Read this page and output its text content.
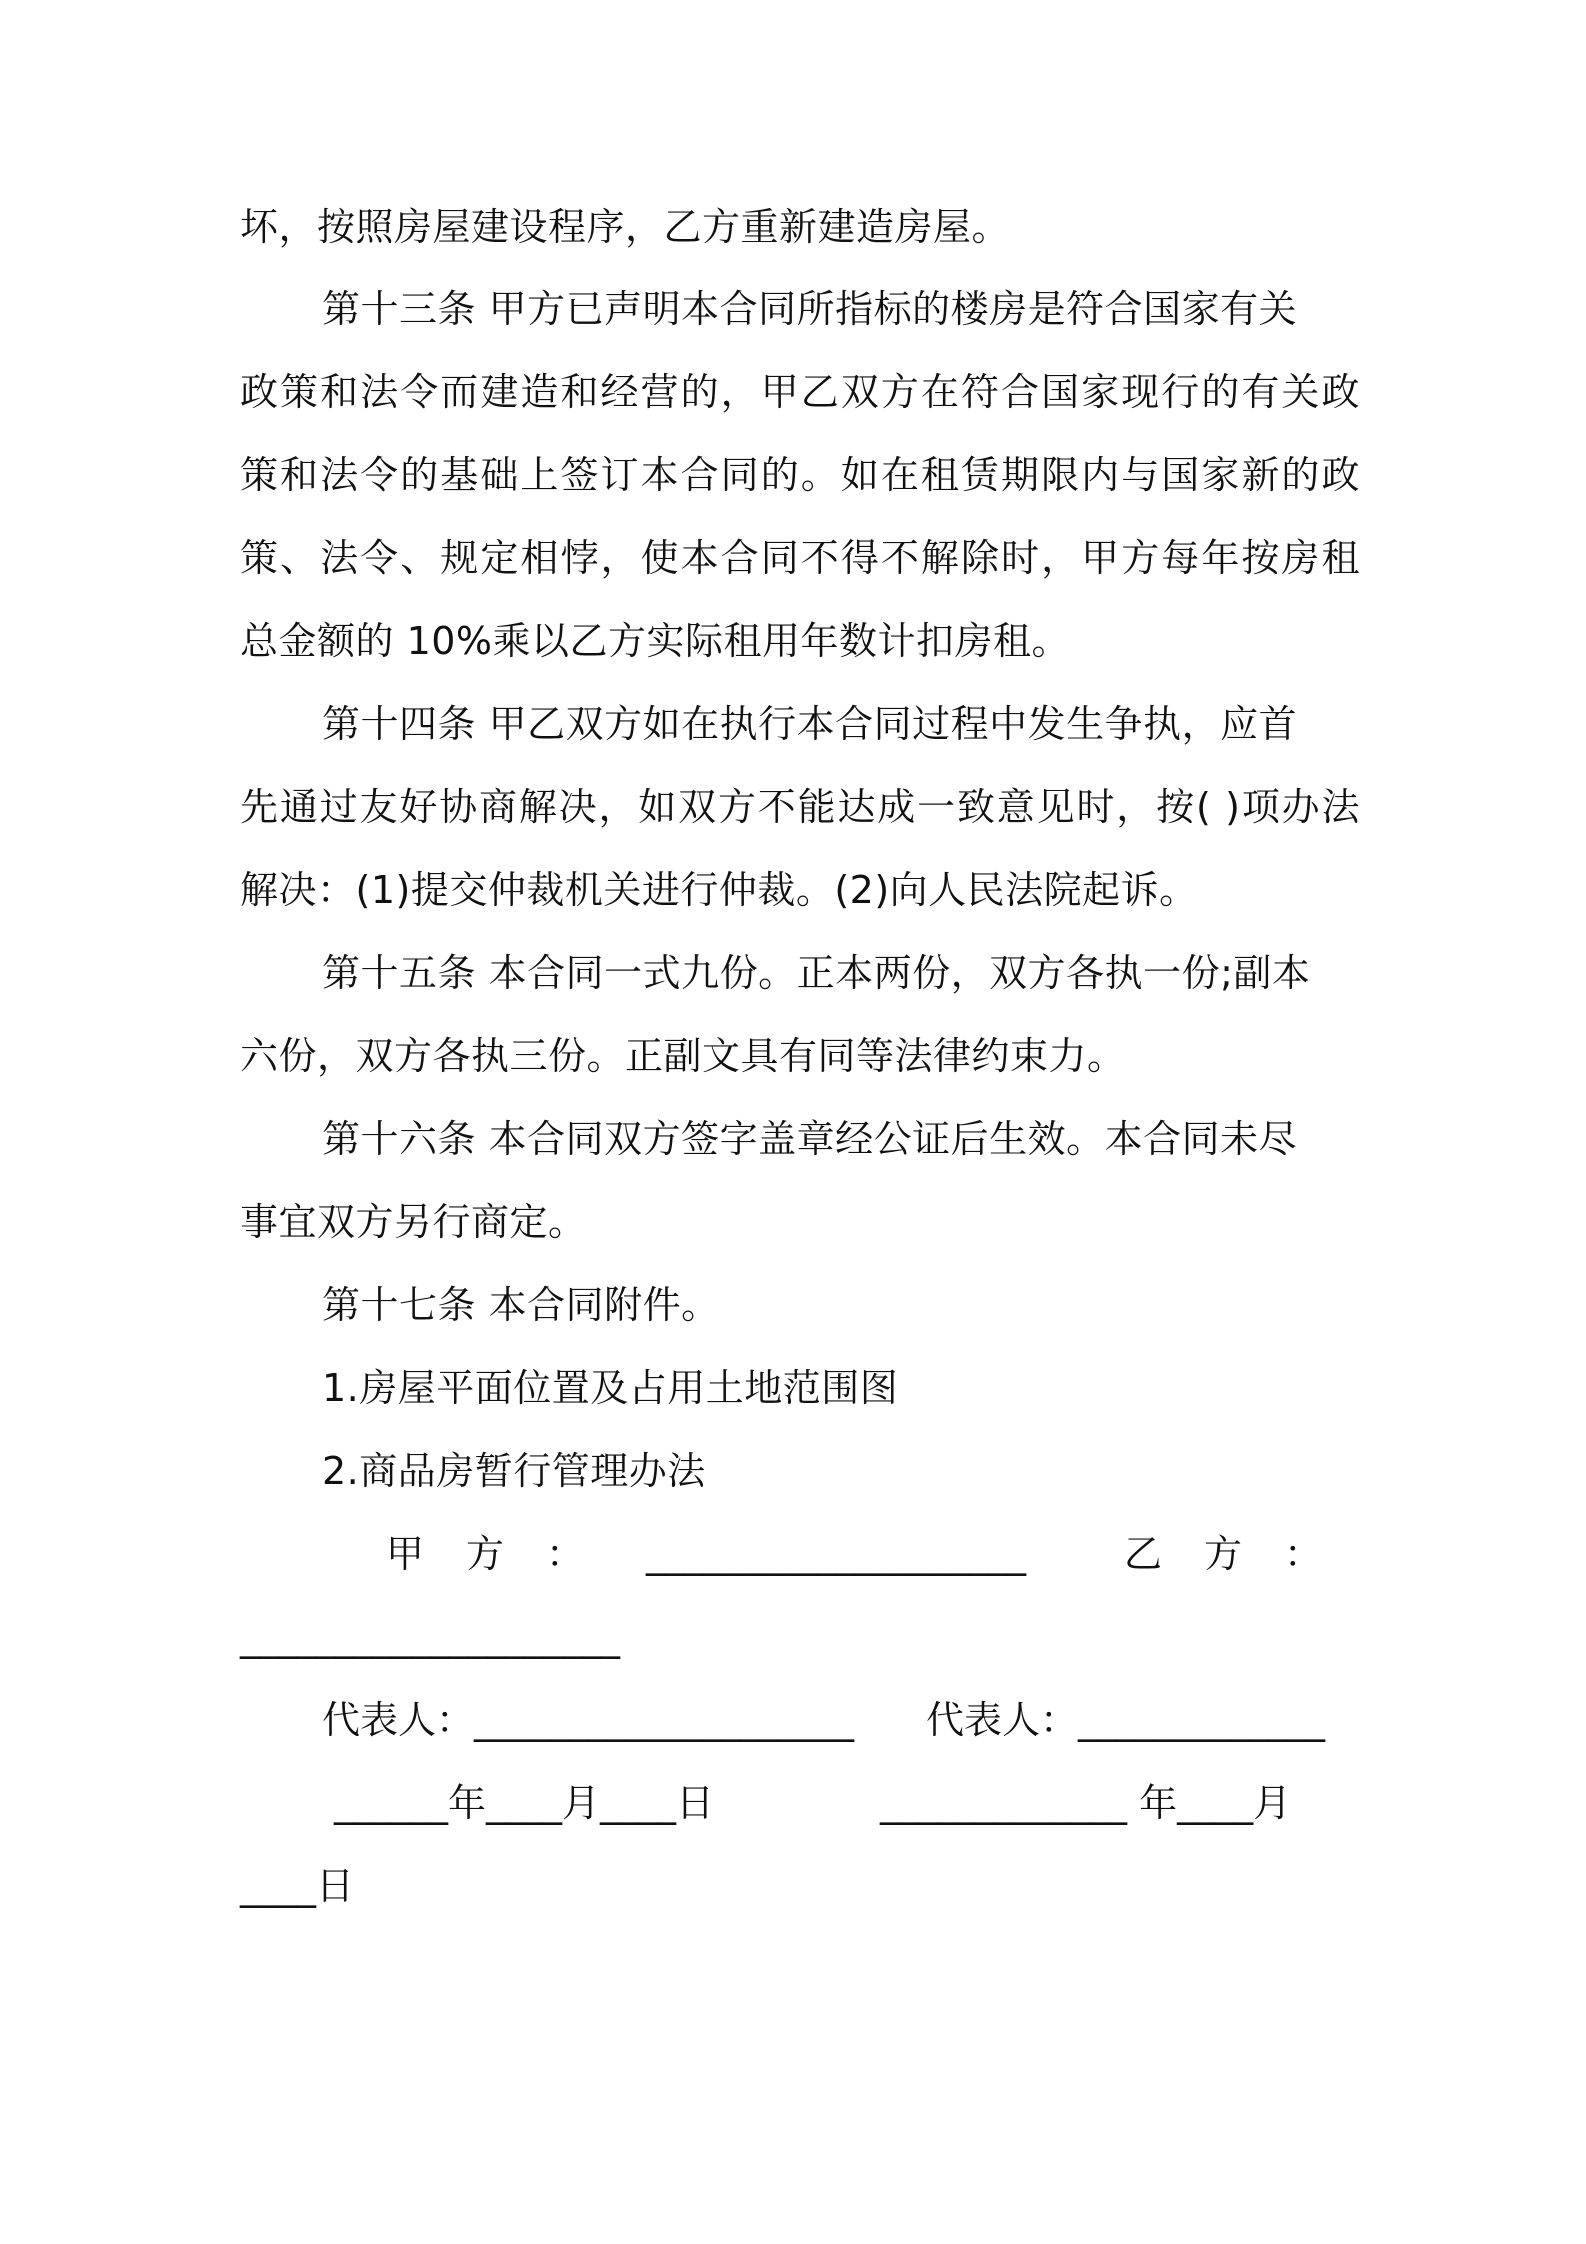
坏，按照房屋建设程序，乙方重新建造房屋。
第十三条 甲方已声明本合同所指标的楼房是符合国家有关
政策和法令而建造和经营的，甲乙双方在符合国家现行的有关政
策和法令的基础上签订本合同的。如在租赁期限内与国家新的政
策、法令、规定相悖，使本合同不得不解除时，甲方每年按房租
总金额的 10%乘以乙方实际租用年数计扣房租。
第十四条 甲乙双方如在执行本合同过程中发生争执，应首
先通过友好协商解决，如双方不能达成一致意见时，按( )项办法
解决：(1)提交仲裁机关进行仲裁。(2)向人民法院起诉。
第十五条 本合同一式九份。正本两份，双方各执一份;副本
六份，双方各执三份。正副文具有同等法律约束力。
第十六条 本合同双方签字盖章经公证后生效。本合同未尽
事宜双方另行商定。
第十七条 本合同附件。
1.房屋平面位置及占用土地范围图
2.商品房暂行管理办法
甲方： ____________________	乙方：
____________________
代表人：____________________ 代表人：_____________
______年____月____日	_____________ 年____月
____日
